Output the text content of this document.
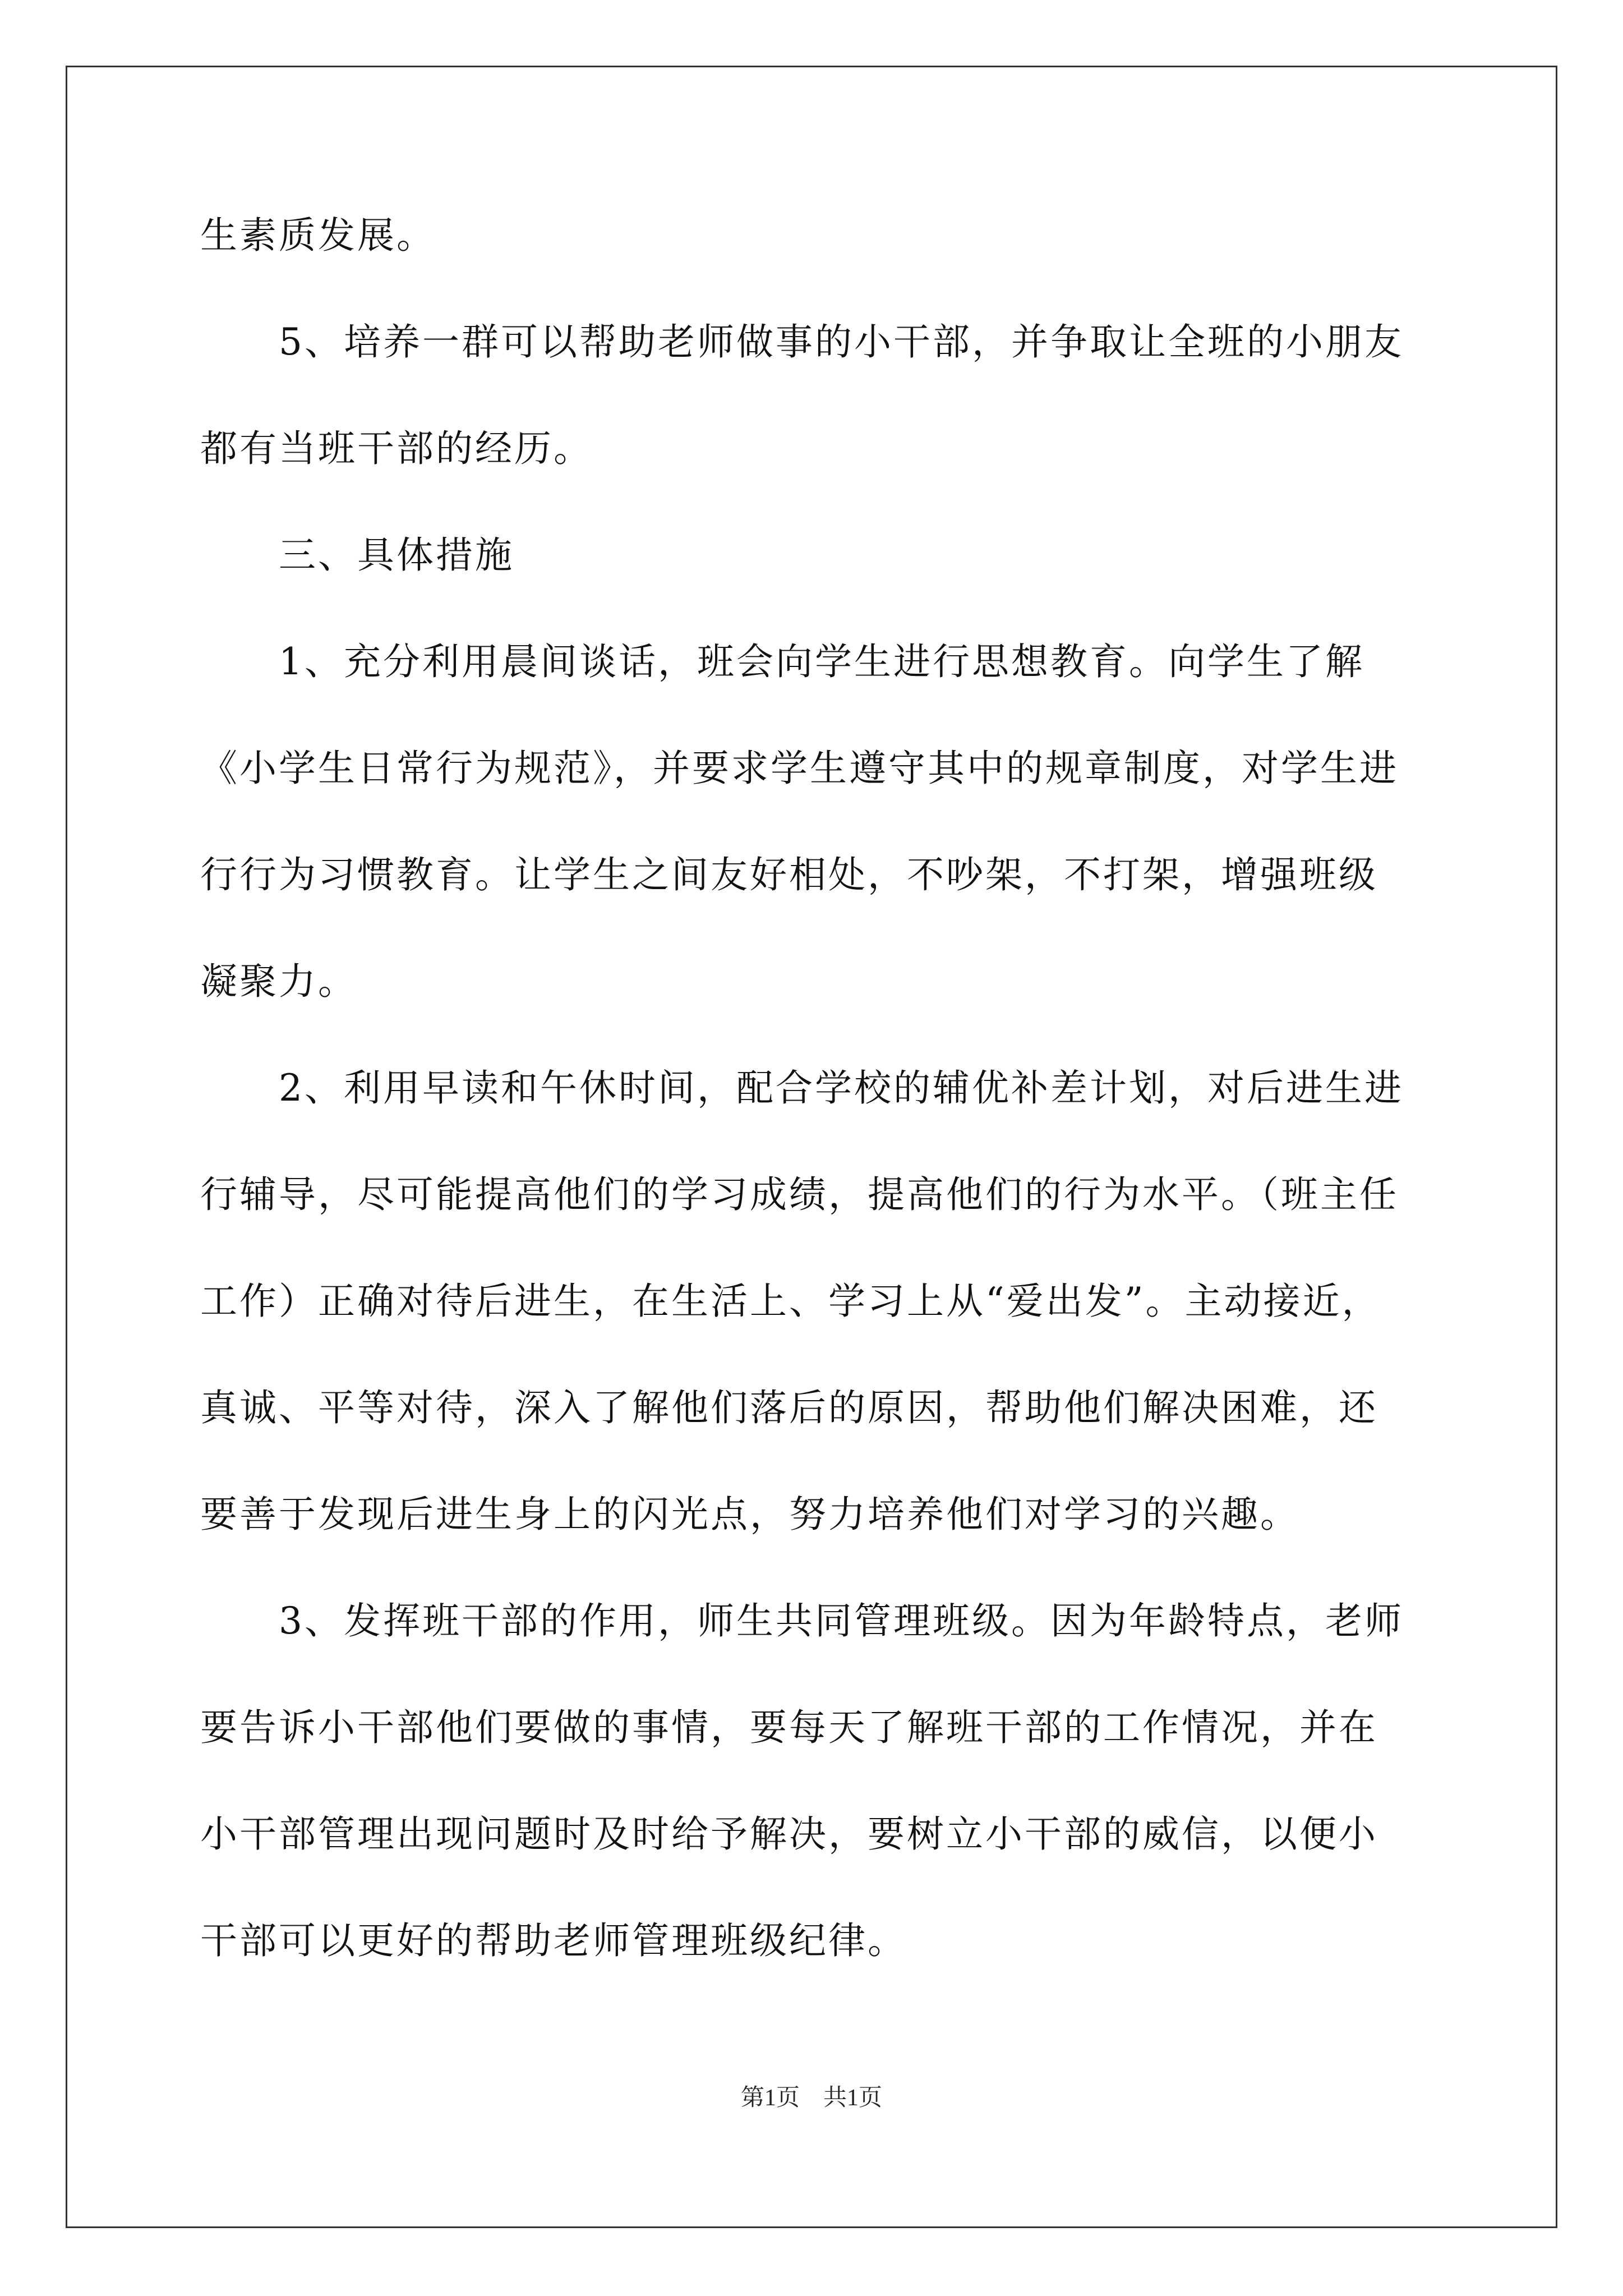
生素质发展。
5、培养一群可以帮助老师做事的小干部，并争取让全班的小朋友
都有当班干部的经历。
三、具体措施
1、充分利用晨间谈话，班会向学生进行思想教育。向学生了解
《小学生日常行为规范》，并要求学生遵守其中的规章制度，对学生进
行行为习惯教育。让学生之间友好相处，不吵架，不打架，增强班级
凝聚力。
2、利用早读和午休时间，配合学校的辅优补差计划，对后进生进
行辅导，尽可能提高他们的学习成绩，提高他们的行为水平。（班主任
工作）正确对待后进生，在生活上、学习上从“爱出发”。主动接近，
真诚、平等对待，深入了解他们落后的原因，帮助他们解决困难，还
要善于发现后进生身上的闪光点，努力培养他们对学习的兴趣。
3、发挥班干部的作用，师生共同管理班级。因为年龄特点，老师
要告诉小干部他们要做的事情，要每天了解班干部的工作情况，并在
小干部管理出现问题时及时给予解决，要树立小干部的威信，以便小
干部可以更好的帮助老师管理班级纪律。
第1页　共1页
